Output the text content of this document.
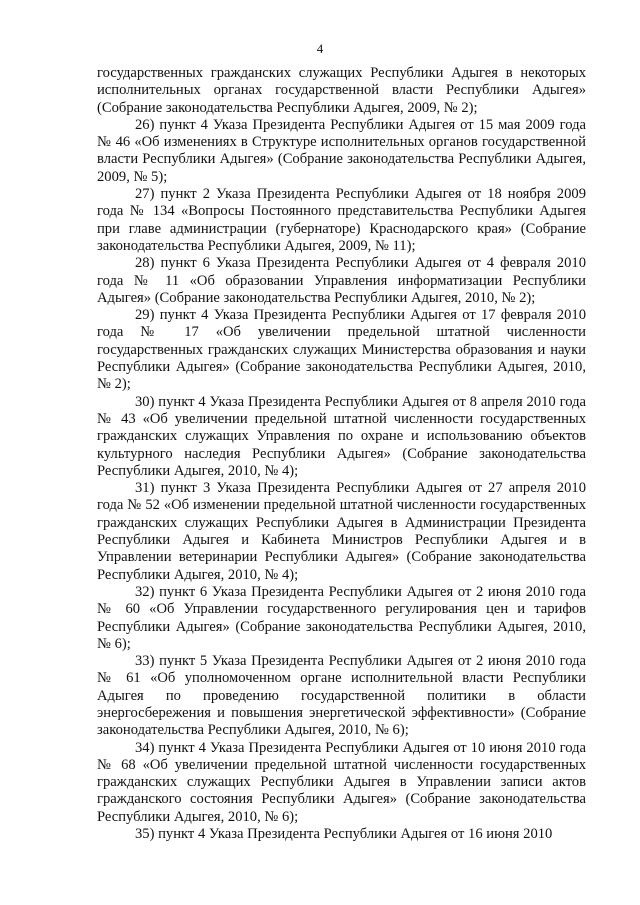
4

государственных гражданских служащих Республики Адыгея в некоторых исполнительных органах государственной власти Республики Адыгея» (Собрание законодательства Республики Адыгея, 2009, № 2);

26) пункт 4 Указа Президента Республики Адыгея от 15 мая 2009 года № 46 «Об изменениях в Структуре исполнительных органов государственной власти Республики Адыгея» (Собрание законодательства Республики Адыгея, 2009, № 5);

27) пункт 2 Указа Президента Республики Адыгея от 18 ноября 2009 года № 134 «Вопросы Постоянного представительства Республики Адыгея при главе администрации (губернаторе) Краснодарского края» (Собрание законодательства Республики Адыгея, 2009, № 11);

28) пункт 6 Указа Президента Республики Адыгея от 4 февраля 2010 года № 11 «Об образовании Управления информатизации Республики Адыгея» (Собрание законодательства Республики Адыгея, 2010, № 2);

29) пункт 4 Указа Президента Республики Адыгея от 17 февраля 2010 года № 17 «Об увеличении предельной штатной численности государственных гражданских служащих Министерства образования и науки Республики Адыгея» (Собрание законодательства Республики Адыгея, 2010, № 2);

30) пункт 4 Указа Президента Республики Адыгея от 8 апреля 2010 года № 43 «Об увеличении предельной штатной численности государственных гражданских служащих Управления по охране и использованию объектов культурного наследия Республики Адыгея» (Собрание законодательства Республики Адыгея, 2010, № 4);

31) пункт 3 Указа Президента Республики Адыгея от 27 апреля 2010 года № 52 «Об изменении предельной штатной численности государственных гражданских служащих Республики Адыгея в Администрации Президента Республики Адыгея и Кабинета Министров Республики Адыгея и в Управлении ветеринарии Республики Адыгея» (Собрание законодательства Республики Адыгея, 2010, № 4);

32) пункт 6 Указа Президента Республики Адыгея от 2 июня 2010 года № 60 «Об Управлении государственного регулирования цен и тарифов Республики Адыгея» (Собрание законодательства Республики Адыгея, 2010, № 6);

33) пункт 5 Указа Президента Республики Адыгея от 2 июня 2010 года № 61 «Об уполномоченном органе исполнительной власти Республики Адыгея по проведению государственной политики в области энергосбережения и повышения энергетической эффективности» (Собрание законодательства Республики Адыгея, 2010, № 6);

34) пункт 4 Указа Президента Республики Адыгея от 10 июня 2010 года № 68 «Об увеличении предельной штатной численности государственных гражданских служащих Республики Адыгея в Управлении записи актов гражданского состояния Республики Адыгея» (Собрание законодательства Республики Адыгея, 2010, № 6);

35) пункт 4 Указа Президента Республики Адыгея от 16 июня 2010
